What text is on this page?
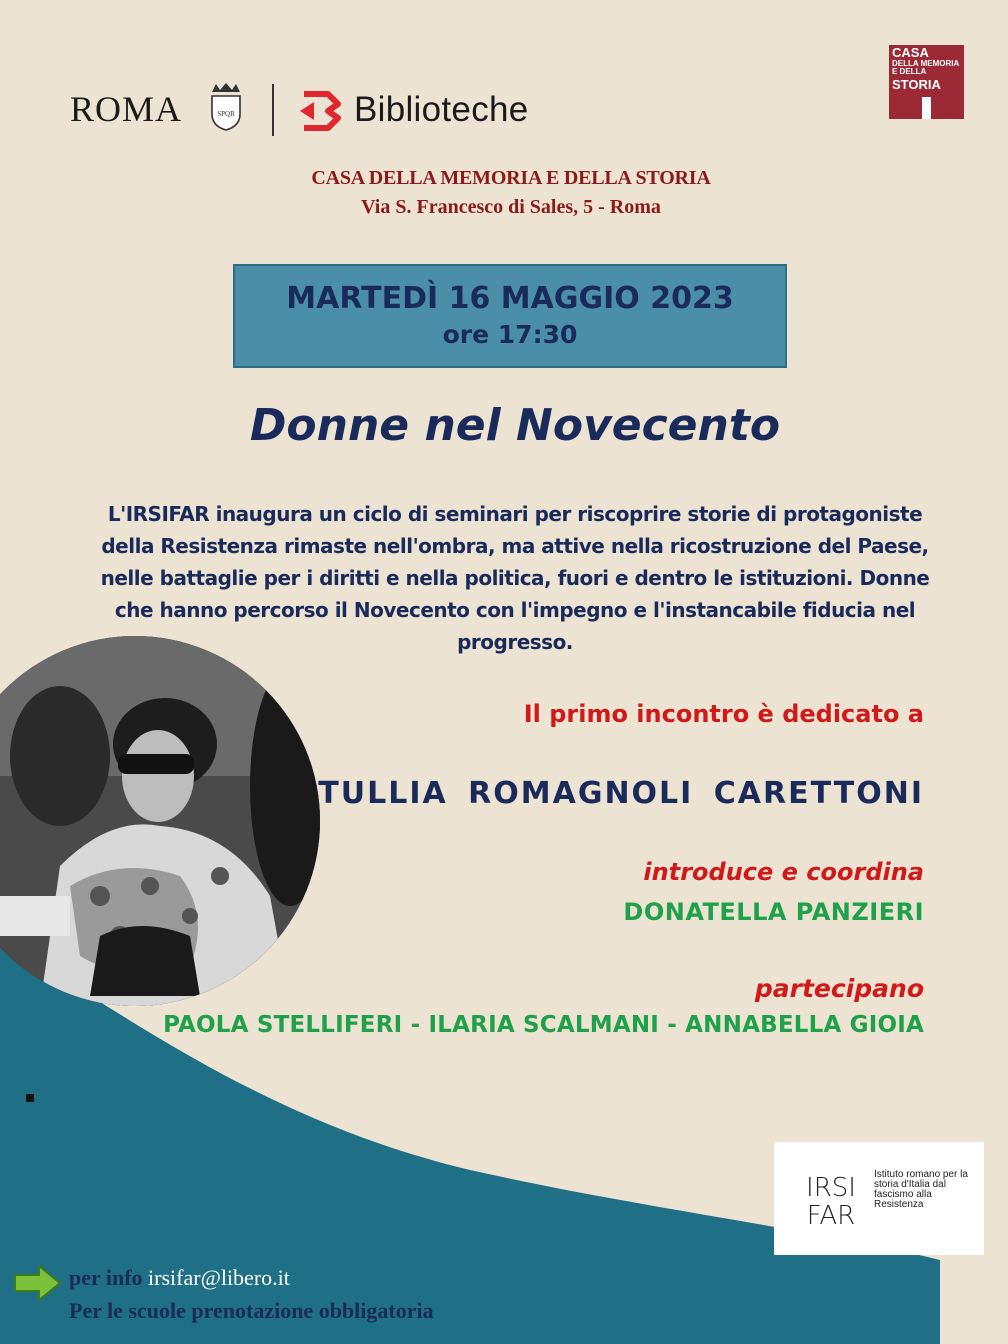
ROMA	SPQR	Biblioteche
CASA
DELLA MEMORIA E DELLA
STORIA
CASA DELLA MEMORIA E DELLA STORIA
Via S. Francesco di Sales, 5 - Roma
MARTEDÌ 16 MAGGIO 2023
ore 17:30
Donne nel Novecento
L'IRSIFAR inaugura un ciclo di seminari per riscoprire storie di protagoniste della Resistenza rimaste nell'ombra, ma attive nella ricostruzione del Paese, nelle battaglie per i diritti e nella politica, fuori e dentro le istituzioni. Donne che hanno percorso il Novecento con l'impegno e l'instancabile fiducia nel progresso.
Il primo incontro è dedicato a
TULLIA ROMAGNOLI CARETTONI
introduce e coordina
DONATELLA PANZIERI
partecipano
PAOLA STELLIFERI - ILARIA SCALMANI - ANNABELLA GIOIA
IRSI
FAR
Istituto romano per la storia d'Italia dal fascismo alla Resistenza
per info irsifar@libero.it
Per le scuole prenotazione obbligatoria
